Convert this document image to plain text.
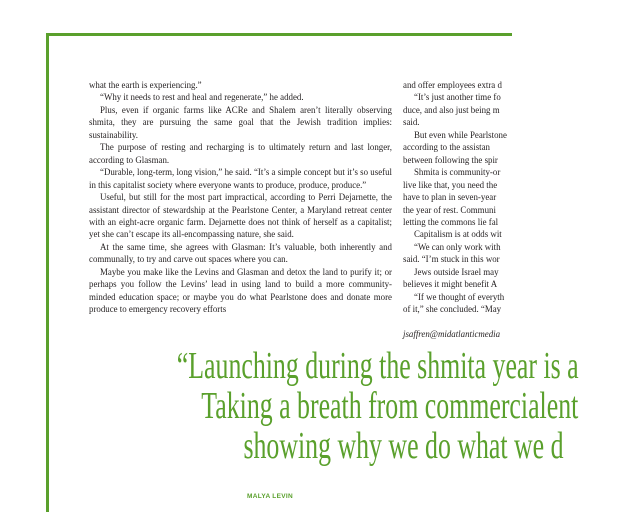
what the earth is experiencing.”

“Why it needs to rest and heal and regenerate,” he added.

Plus, even if organic farms like ACRe and Shalem aren’t literally observing shmita, they are pursuing the same goal that the Jewish tradition implies: sustainability.

The purpose of resting and recharging is to ultimately return and last longer, according to Glasman.

“Durable, long-term, long vision,” he said. “It’s a simple concept but it’s so useful in this capitalist society where everyone wants to produce, produce, produce.”

Useful, but still for the most part impractical, according to Perri Dejarnette, the assistant director of stewardship at the Pearlstone Center, a Maryland retreat center with an eight-acre organic farm. Dejarnette does not think of herself as a capitalist; yet she can’t escape its all-encompassing nature, she said.

At the same time, she agrees with Glasman: It’s valuable, both inherently and communally, to try and carve out spaces where you can.

Maybe you make like the Levins and Glasman and detox the land to purify it; or perhaps you follow the Levins’ lead in using land to build a more community-minded education space; or maybe you do what Pearlstone does and donate more produce to emergency recovery efforts

and offer employees extra d

“It’s just another time fo

duce, and also just being m

said.

But even while Pearlstone

according to the assistan

between following the spir

Shmita is community-or

live like that, you need the

have to plan in seven-year

the year of rest. Communi

letting the commons lie fal

Capitalism is at odds wit

“We can only work with

said. “I’m stuck in this wor

Jews outside Israel may

believes it might benefit A

“If we thought of everyth

of it,” she concluded. “May

jsaffren@midatlanticmedia

“Launching during the shmita year is a
Taking a breath from commercialent
showing why we do what we d
MALYA LEVIN
